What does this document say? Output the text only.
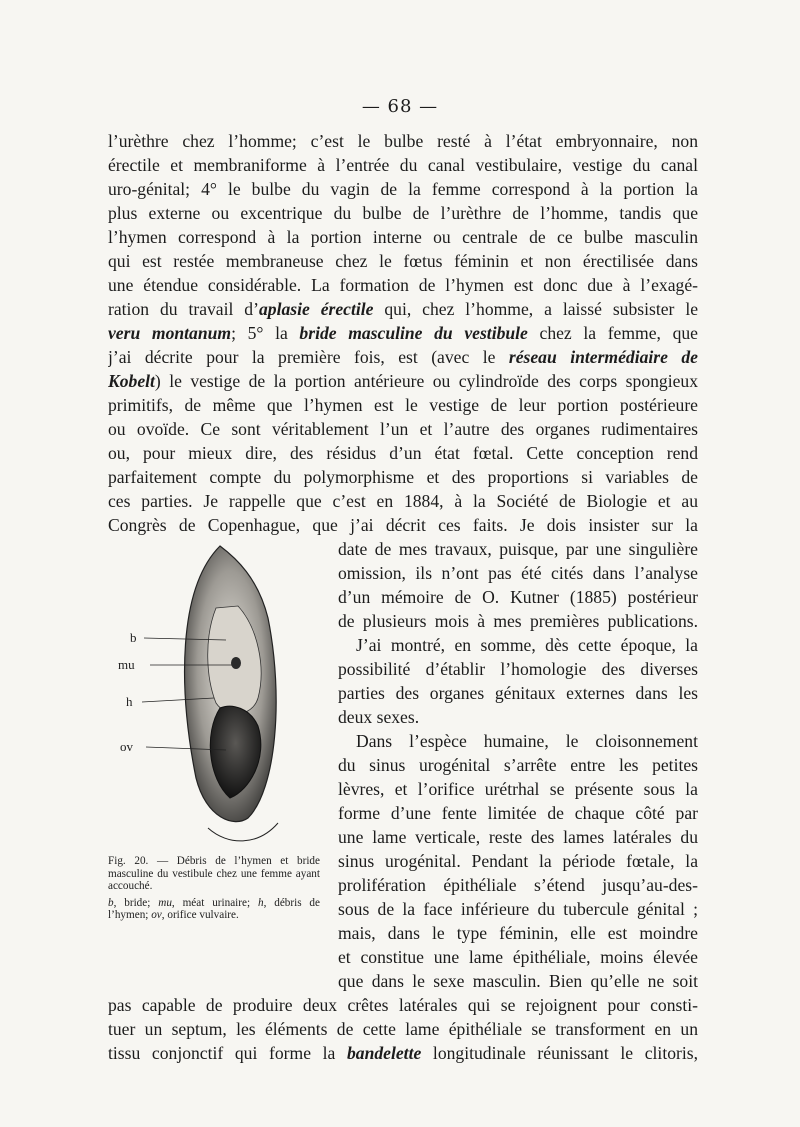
— 68 —

l’urèthre chez l’homme; c’est le bulbe resté à l’état embryonnaire, non

érectile et membraniforme à l’entrée du canal vestibulaire, vestige du canal

uro-génital; 4° le bulbe du vagin de la femme correspond à la portion la

plus externe ou excentrique du bulbe de l’urèthre de l’homme, tandis que

l’hymen correspond à la portion interne ou centrale de ce bulbe masculin

qui est restée membraneuse chez le fœtus féminin et non érectilisée dans

une étendue considérable. La formation de l’hymen est donc due à l’exagé-

ration du travail d’aplasie érectile qui, chez l’homme, a laissé subsister le

veru montanum; 5° la bride masculine du vestibule chez la femme, que

j’ai décrite pour la première fois, est (avec le réseau intermédiaire de

Kobelt) le vestige de la portion antérieure ou cylindroïde des corps spongieux

primitifs, de même que l’hymen est le vestige de leur portion postérieure

ou ovoïde. Ce sont véritablement l’un et l’autre des organes rudimentaires

ou, pour mieux dire, des résidus d’un état fœtal. Cette conception rend

parfaitement compte du polymorphisme et des proportions si variables de

ces parties. Je rappelle que c’est en 1884, à la Société de Biologie et au

Congrès de Copenhague, que j’ai décrit ces faits. Je dois insister sur la

date de mes travaux, puisque, par une singulière

omission, ils n’ont pas été cités dans l’analyse

d’un mémoire de O. Kutner (1885) postérieur

de plusieurs mois à mes premières publications.

J’ai montré, en somme, dès cette époque, la

possibilité d’établir l’homologie des diverses

parties des organes génitaux externes dans les

deux sexes.

Dans l’espèce humaine, le cloisonnement

du sinus urogénital s’arrête entre les petites

lèvres, et l’orifice urétrhal se présente sous la

forme d’une fente limitée de chaque côté par

une lame verticale, reste des lames latérales du

sinus urogénital. Pendant la période fœtale, la

prolifération épithéliale s’étend jusqu’au-des-

sous de la face inférieure du tubercule génital ;

mais, dans le type féminin, elle est moindre

et constitue une lame épithéliale, moins élevée

que dans le sexe masculin. Bien qu’elle ne soit

pas capable de produire deux crêtes latérales qui se rejoignent pour consti-

tuer un septum, les éléments de cette lame épithéliale se transforment en un

tissu conjonctif qui forme la bandelette longitudinale réunissant le clitoris,

b
mu
h
ov

Fig. 20. — Débris de l’hymen et bride masculine du vestibule chez une femme ayant accouché.

b, bride; mu, méat urinaire; h, débris de l’hymen; ov, orifice vulvaire.
